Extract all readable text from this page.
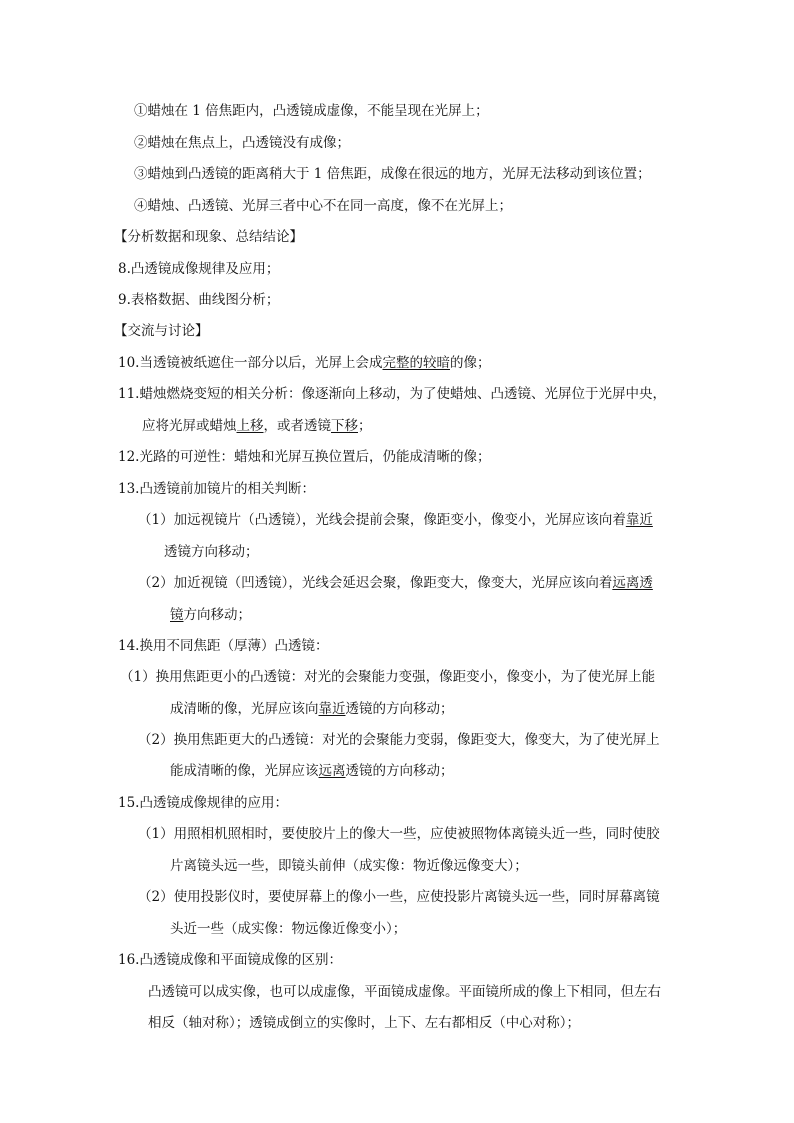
①蜡烛在 1 倍焦距内，凸透镜成虚像，不能呈现在光屏上；
②蜡烛在焦点上，凸透镜没有成像；
③蜡烛到凸透镜的距离稍大于 1 倍焦距，成像在很远的地方，光屏无法移动到该位置；
④蜡烛、凸透镜、光屏三者中心不在同一高度，像不在光屏上；
【分析数据和现象、总结结论】
8.凸透镜成像规律及应用；
9.表格数据、曲线图分析；
【交流与讨论】
10.当透镜被纸遮住一部分以后，光屏上会成完整的较暗的像；
11.蜡烛燃烧变短的相关分析：像逐渐向上移动，为了使蜡烛、凸透镜、光屏位于光屏中央，
应将光屏或蜡烛上移，或者透镜下移；
12.光路的可逆性：蜡烛和光屏互换位置后，仍能成清晰的像；
13.凸透镜前加镜片的相关判断：
（1）加远视镜片（凸透镜），光线会提前会聚，像距变小，像变小，光屏应该向着靠近
透镜方向移动；
（2）加近视镜（凹透镜），光线会延迟会聚，像距变大，像变大，光屏应该向着远离透
镜方向移动；
14.换用不同焦距（厚薄）凸透镜：
（1）换用焦距更小的凸透镜：对光的会聚能力变强，像距变小，像变小，为了使光屏上能
成清晰的像，光屏应该向靠近透镜的方向移动；
（2）换用焦距更大的凸透镜：对光的会聚能力变弱，像距变大，像变大，为了使光屏上
能成清晰的像，光屏应该远离透镜的方向移动；
15.凸透镜成像规律的应用：
（1）用照相机照相时，要使胶片上的像大一些，应使被照物体离镜头近一些，同时使胶
片离镜头远一些，即镜头前伸（成实像：物近像远像变大）；
（2）使用投影仪时，要使屏幕上的像小一些，应使投影片离镜头远一些，同时屏幕离镜
头近一些（成实像：物远像近像变小）；
16.凸透镜成像和平面镜成像的区别：
凸透镜可以成实像，也可以成虚像，平面镜成虚像。平面镜所成的像上下相同，但左右
相反（轴对称）；透镜成倒立的实像时，上下、左右都相反（中心对称）；
